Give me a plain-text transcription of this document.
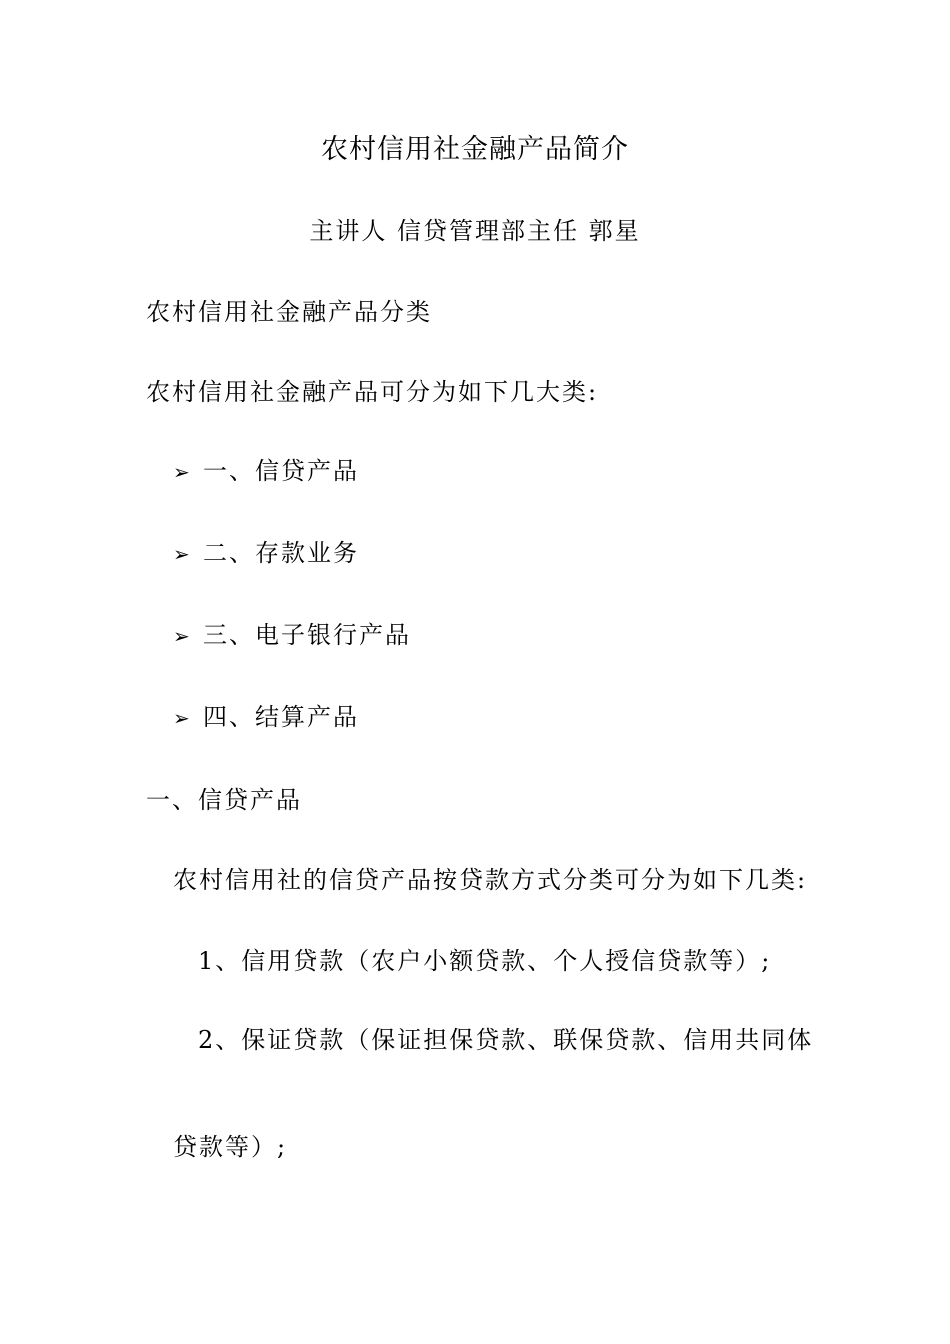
农村信用社金融产品简介
主讲人 信贷管理部主任 郭星
农村信用社金融产品分类
农村信用社金融产品可分为如下几大类:
➢ 一、信贷产品
➢ 二、存款业务
➢ 三、电子银行产品
➢ 四、结算产品
一、信贷产品
农村信用社的信贷产品按贷款方式分类可分为如下几类:
1、信用贷款（农户小额贷款、个人授信贷款等）;
2、保证贷款（保证担保贷款、联保贷款、信用共同体
贷款等）;
